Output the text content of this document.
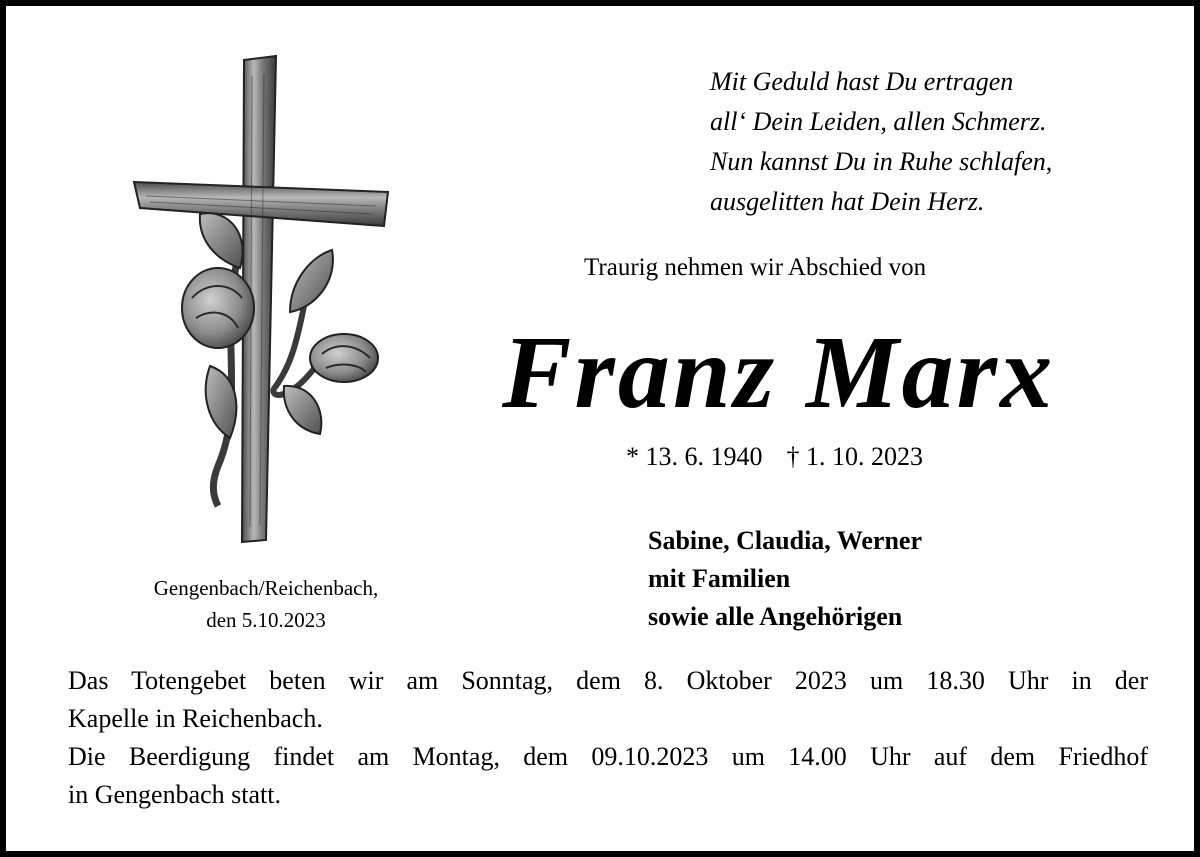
Mit Geduld hast Du ertragen
all‘ Dein Leiden, allen Schmerz.
Nun kannst Du in Ruhe schlafen,
ausgelitten hat Dein Herz.
Traurig nehmen wir Abschied von
Franz Marx
* 13. 6. 1940 † 1. 10. 2023
Sabine, Claudia, Werner
mit Familien
sowie alle Angehörigen
Gengenbach/Reichenbach,
den 5.10.2023
Das Totengebet beten wir am Sonntag, dem 8. Oktober 2023 um 18.30 Uhr in der
Kapelle in Reichenbach.
Die Beerdigung findet am Montag, dem 09.10.2023 um 14.00 Uhr auf dem Friedhof
in Gengenbach statt.
